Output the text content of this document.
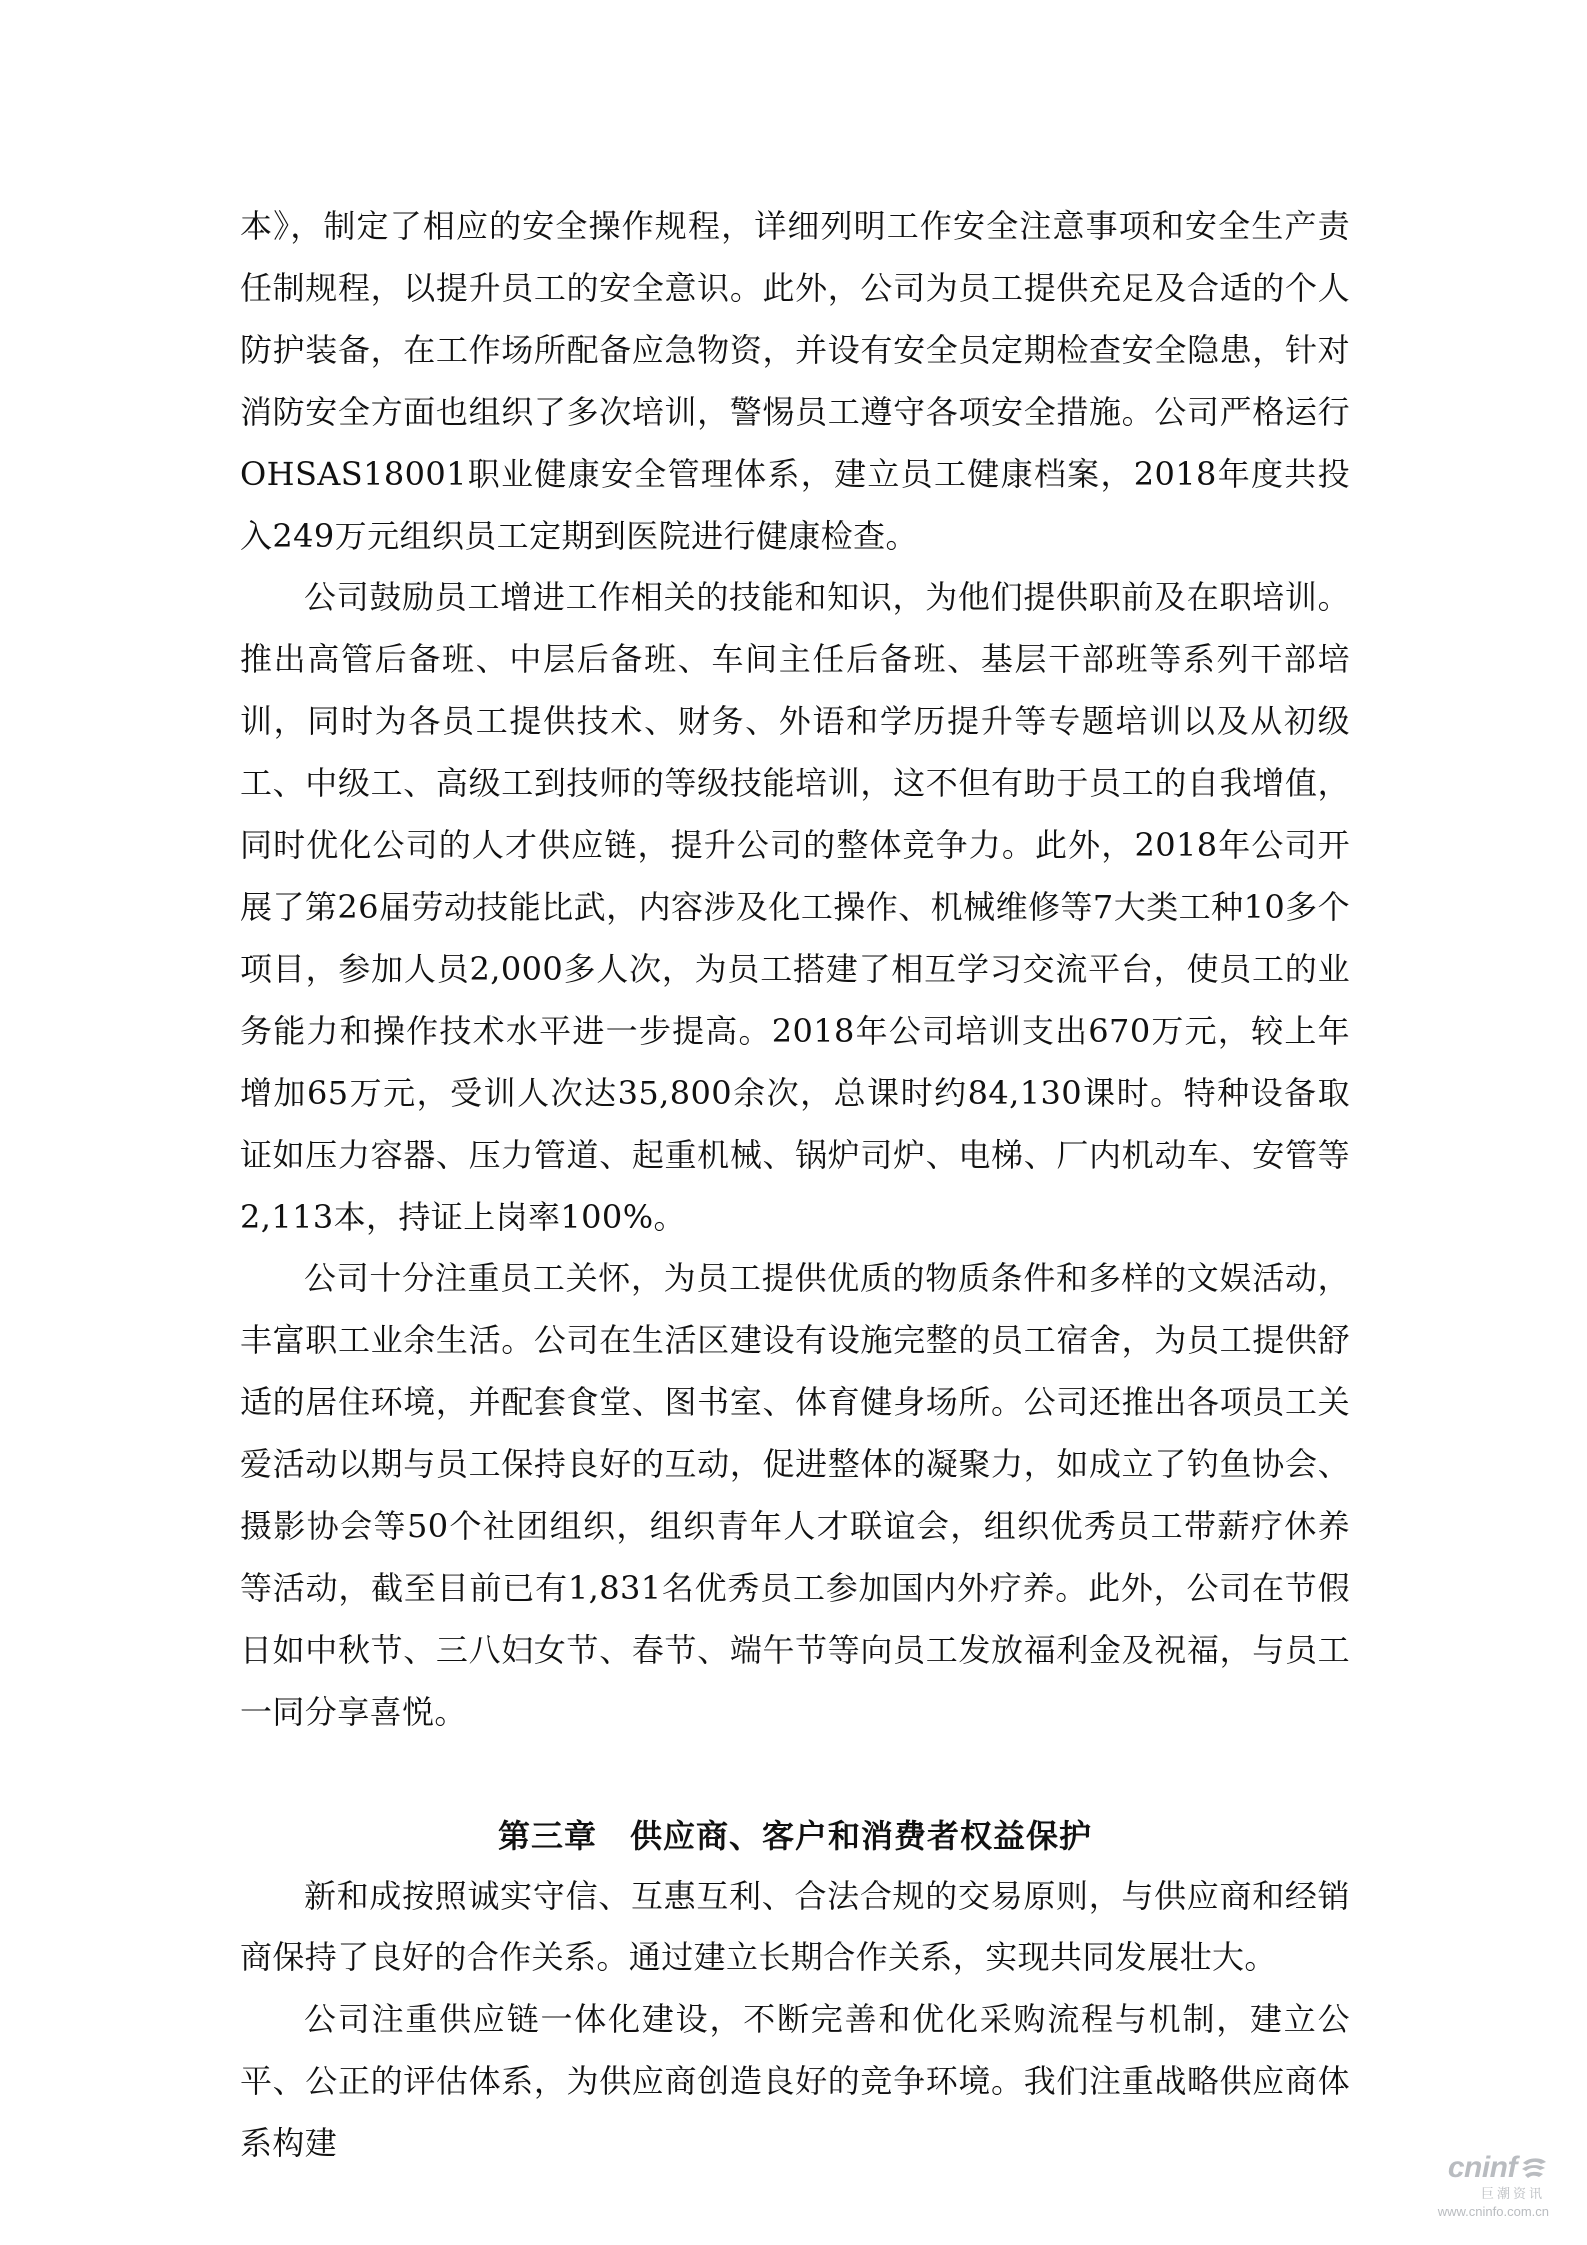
本》，制定了相应的安全操作规程，详细列明工作安全注意事项和安全生产责任制规程，以提升员工的安全意识。此外，公司为员工提供充足及合适的个人防护装备，在工作场所配备应急物资，并设有安全员定期检查安全隐患，针对消防安全方面也组织了多次培训，警惕员工遵守各项安全措施。公司严格运行OHSAS18001职业健康安全管理体系，建立员工健康档案，2018年度共投入249万元组织员工定期到医院进行健康检查。

公司鼓励员工增进工作相关的技能和知识，为他们提供职前及在职培训。推出高管后备班、中层后备班、车间主任后备班、基层干部班等系列干部培训，同时为各员工提供技术、财务、外语和学历提升等专题培训以及从初级工、中级工、高级工到技师的等级技能培训，这不但有助于员工的自我增值，同时优化公司的人才供应链，提升公司的整体竞争力。此外，2018年公司开展了第26届劳动技能比武，内容涉及化工操作、机械维修等7大类工种10多个项目，参加人员2,000多人次，为员工搭建了相互学习交流平台，使员工的业务能力和操作技术水平进一步提高。2018年公司培训支出670万元，较上年增加65万元，受训人次达35,800余次，总课时约84,130课时。特种设备取证如压力容器、压力管道、起重机械、锅炉司炉、电梯、厂内机动车、安管等2,113本，持证上岗率100%。

公司十分注重员工关怀，为员工提供优质的物质条件和多样的文娱活动，丰富职工业余生活。公司在生活区建设有设施完整的员工宿舍，为员工提供舒适的居住环境，并配套食堂、图书室、体育健身场所。公司还推出各项员工关爱活动以期与员工保持良好的互动，促进整体的凝聚力，如成立了钓鱼协会、摄影协会等50个社团组织，组织青年人才联谊会，组织优秀员工带薪疗休养等活动，截至目前已有1,831名优秀员工参加国内外疗养。此外，公司在节假日如中秋节、三八妇女节、春节、端午节等向员工发放福利金及祝福，与员工一同分享喜悦。

第三章　供应商、客户和消费者权益保护

新和成按照诚实守信、互惠互利、合法合规的交易原则，与供应商和经销商保持了良好的合作关系。通过建立长期合作关系，实现共同发展壮大。

公司注重供应链一体化建设，不断完善和优化采购流程与机制，建立公平、公正的评估体系，为供应商创造良好的竞争环境。我们注重战略供应商体系构建

cninf
巨潮资讯
www.cninfo.com.cn
